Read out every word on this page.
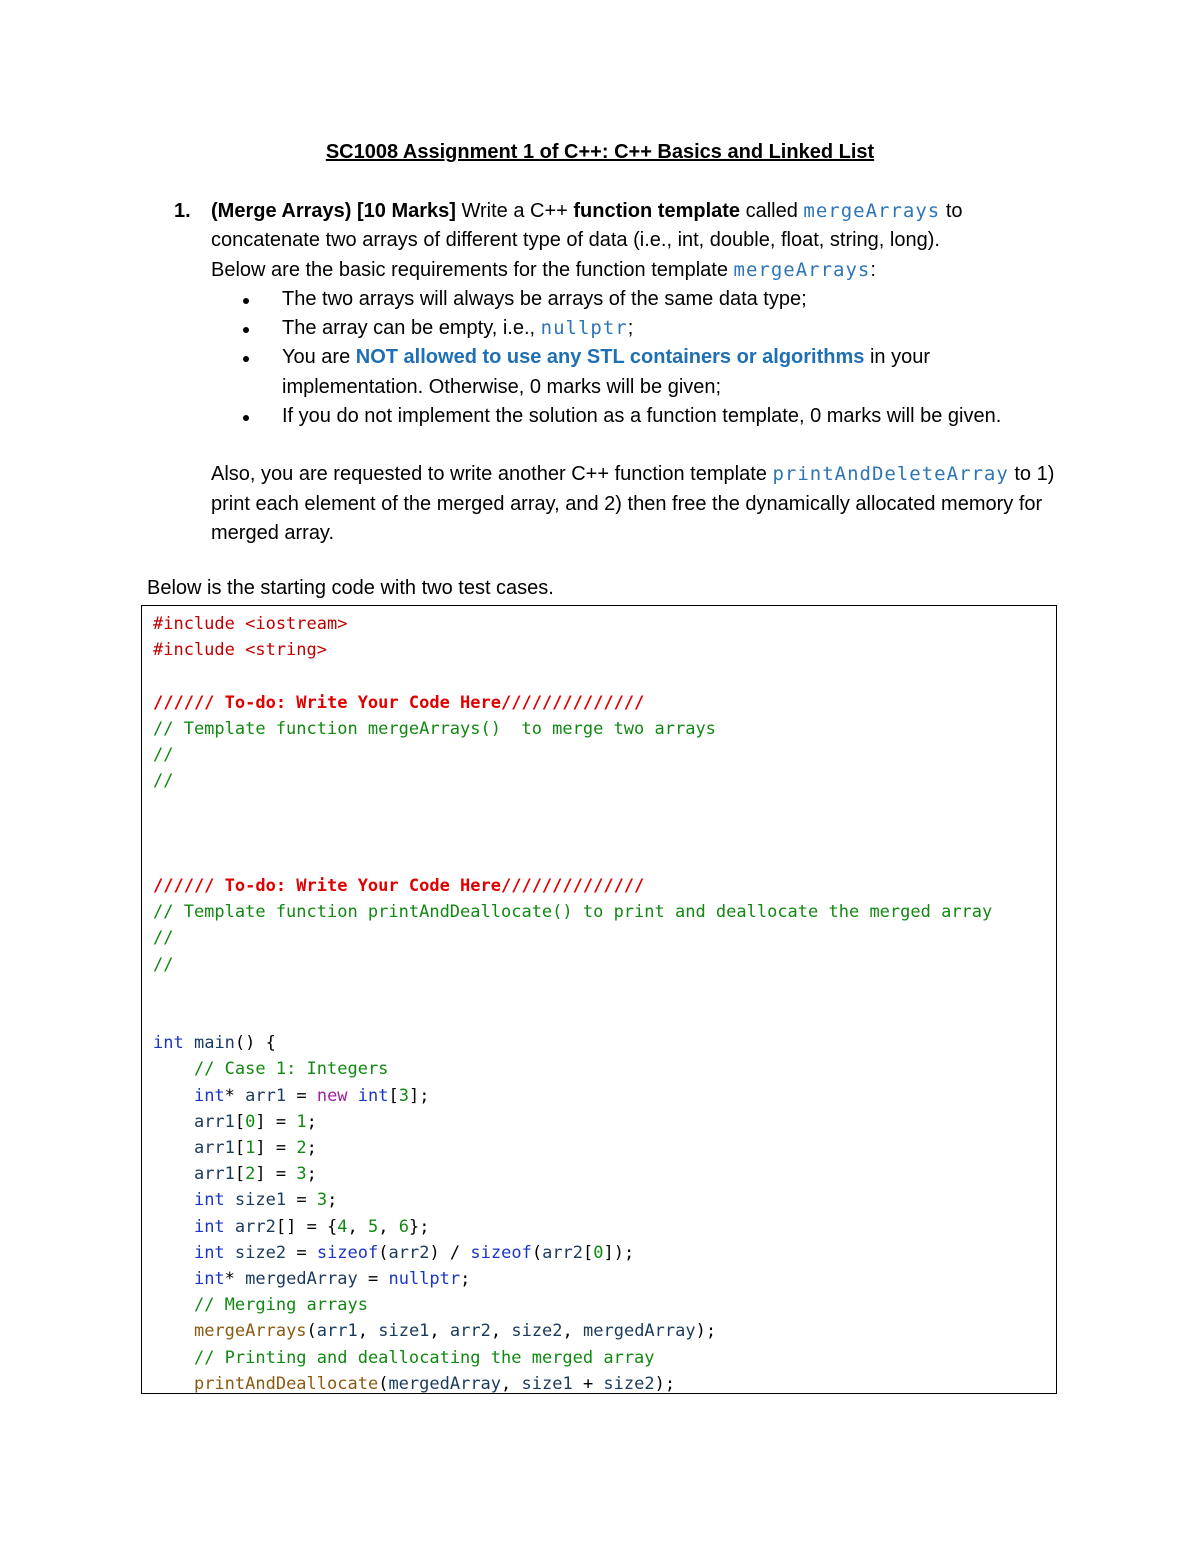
SC1008 Assignment 1 of C++: C++ Basics and Linked List
1. (Merge Arrays) [10 Marks] Write a C++ function template called mergeArrays to concatenate two arrays of different type of data (i.e., int, double, float, string, long).
Below are the basic requirements for the function template mergeArrays:
The two arrays will always be arrays of the same data type;
The array can be empty, i.e., nullptr;
You are NOT allowed to use any STL containers or algorithms in your implementation. Otherwise, 0 marks will be given;
If you do not implement the solution as a function template, 0 marks will be given.
Also, you are requested to write another C++ function template printAndDeleteArray to 1) print each element of the merged array, and 2) then free the dynamically allocated memory for merged array.
Below is the starting code with two test cases.
#include <iostream>
#include <string>

////// To-do: Write Your Code Here//////////////
// Template function mergeArrays()  to merge two arrays
//
//

////// To-do: Write Your Code Here//////////////
// Template function printAndDeallocate() to print and deallocate the merged array
//
//

int main() {
// Case 1: Integers
int* arr1 = new int[3];
arr1[0] = 1;
arr1[1] = 2;
arr1[2] = 3;
int size1 = 3;
int arr2[] = {4, 5, 6};
int size2 = sizeof(arr2) / sizeof(arr2[0]);
int* mergedArray = nullptr;
// Merging arrays
mergeArrays(arr1, size1, arr2, size2, mergedArray);
// Printing and deallocating the merged array
printAndDeallocate(mergedArray, size1 + size2);
